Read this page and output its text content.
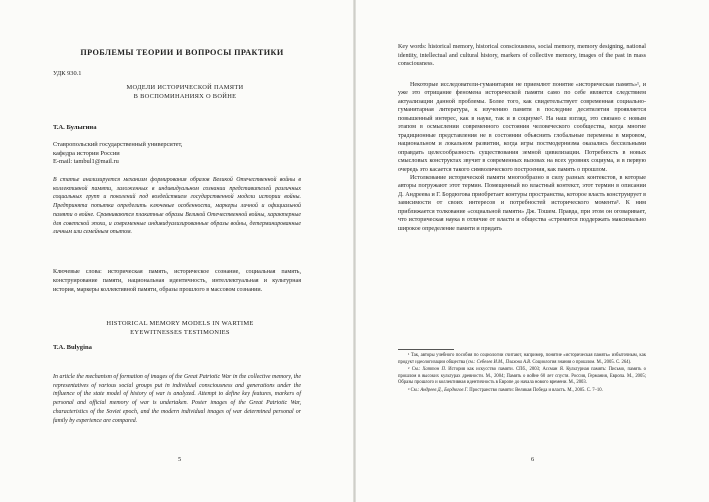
ПРОБЛЕМЫ ТЕОРИИ И ВОПРОСЫ ПРАКТИКИ
УДК 930.1
МОДЕЛИ ИСТОРИЧЕСКОЙ ПАМЯТИ
В ВОСПОМИНАНИЯХ О ВОЙНЕ
Т.А. Булыгина
Ставропольский государственный университет,
кафедра истории России
E-mail: tambul1@mail.ru
В статье анализируется механизм формирования образов Великой Отечественной войны в коллективной памяти, заложенных в индивидуальном сознании представителей различных социальных групп и поколений под воздействием государственной модели истории войны. Предпринята попытка определить ключевые особенности, маркеры личной и официальной памяти о войне. Сравниваются плакатные образы Великой Отечественной войны, характерные для советской эпохи, и современные индивидуализированные образы войны, детерминированные личным или семейным опытом.
Ключевые слова: историческая память, историческое сознание, социальная память, конструирование памяти, национальная идентичность, интеллектуальная и культурная история, маркеры коллективной памяти, образы прошлого в массовом сознании.
HISTORICAL MEMORY MODELS IN WARTIME
EYEWITNESSES TESTIMONIES
T.A. Bulygina
In article the mechanism of formation of images of the Great Patriotic War in the collective memory, the representatives of various social groups put in individual consciousness and generations under the influence of the state model of history of war is analyzed. Attempt to define key features, markers of personal and official memory of war is undertaken. Poster images of the Great Patriotic War, characteristics of the Soviet epoch, and the modern individual images of war determined personal or family by experience are compared.
5
Key words: historical memory, historical consciousness, social memory, memory designing, national identity, intellectual and cultural history, markers of collective memory, images of the past in mass consciousness.

Некоторые исследователи-гуманитарии не приемлют понятие «историческая память»¹, и уже это отрицание феномена исторической памяти само по себе является следствием актуализации данной проблемы. Более того, как свидетельствует современная социально-гуманитарная литература, к изучению памяти в последние десятилетия проявляется повышенный интерес, как в науке, так и в социуме². На наш взгляд, это связано с новым этапом в осмыслении современного состояния человеческого сообщества, когда многие традиционные представления не в состоянии объяснить глобальные перемены в мировом, национальном и локальном развитии, когда игры постмодернизма оказались бессильными оправдать целесообразность существования земной цивилизации. Потребность в новых смысловых конструктах звучит в современных вызовах на всех уровнях социума, и в первую очередь это касается такого символического построения, как память о прошлом.

Истолкование исторической памяти многообразно в силу разных контекстов, в которые авторы погружают этот термин. Помещенный во властный контекст, этот термин в описании Д. Андреева и Г. Бордюгова приобретает контуры пространства, которое власть конструирует в зависимости от своих интересов и потребностей исторического момента³. К ним приближается толкование «социальной памяти» Дж. Тошем. Правда, при этом он оговаривает, что историческая наука в отличие от власти и общества «стремится поддержать максимально широкое определение памяти и придать

¹ Так, авторы учебного пособия по социологии считают, например, понятие «историческая память» избыточным, как продукт идеологизации общества (см.: Себелев И.М., Плахова А.В. Социология знания о прошлом. М., 2005. С. 264).

² См.: Хаттон П. История как искусство памяти. СПб., 2003; Ассман Я. Культурная память: Письмо, память о прошлом в высоких культурах древности. М., 2004; Память о войне 60 лет спустя. Россия, Германия, Европа. М., 2005; Образы прошлого и коллективная идентичность в Европе до начала нового времени. М., 2003.

³ См.: Андреев Д., Бордюгов Г. Пространство памяти: Великая Победа и власть. М., 2005. С. 7–10.

6
